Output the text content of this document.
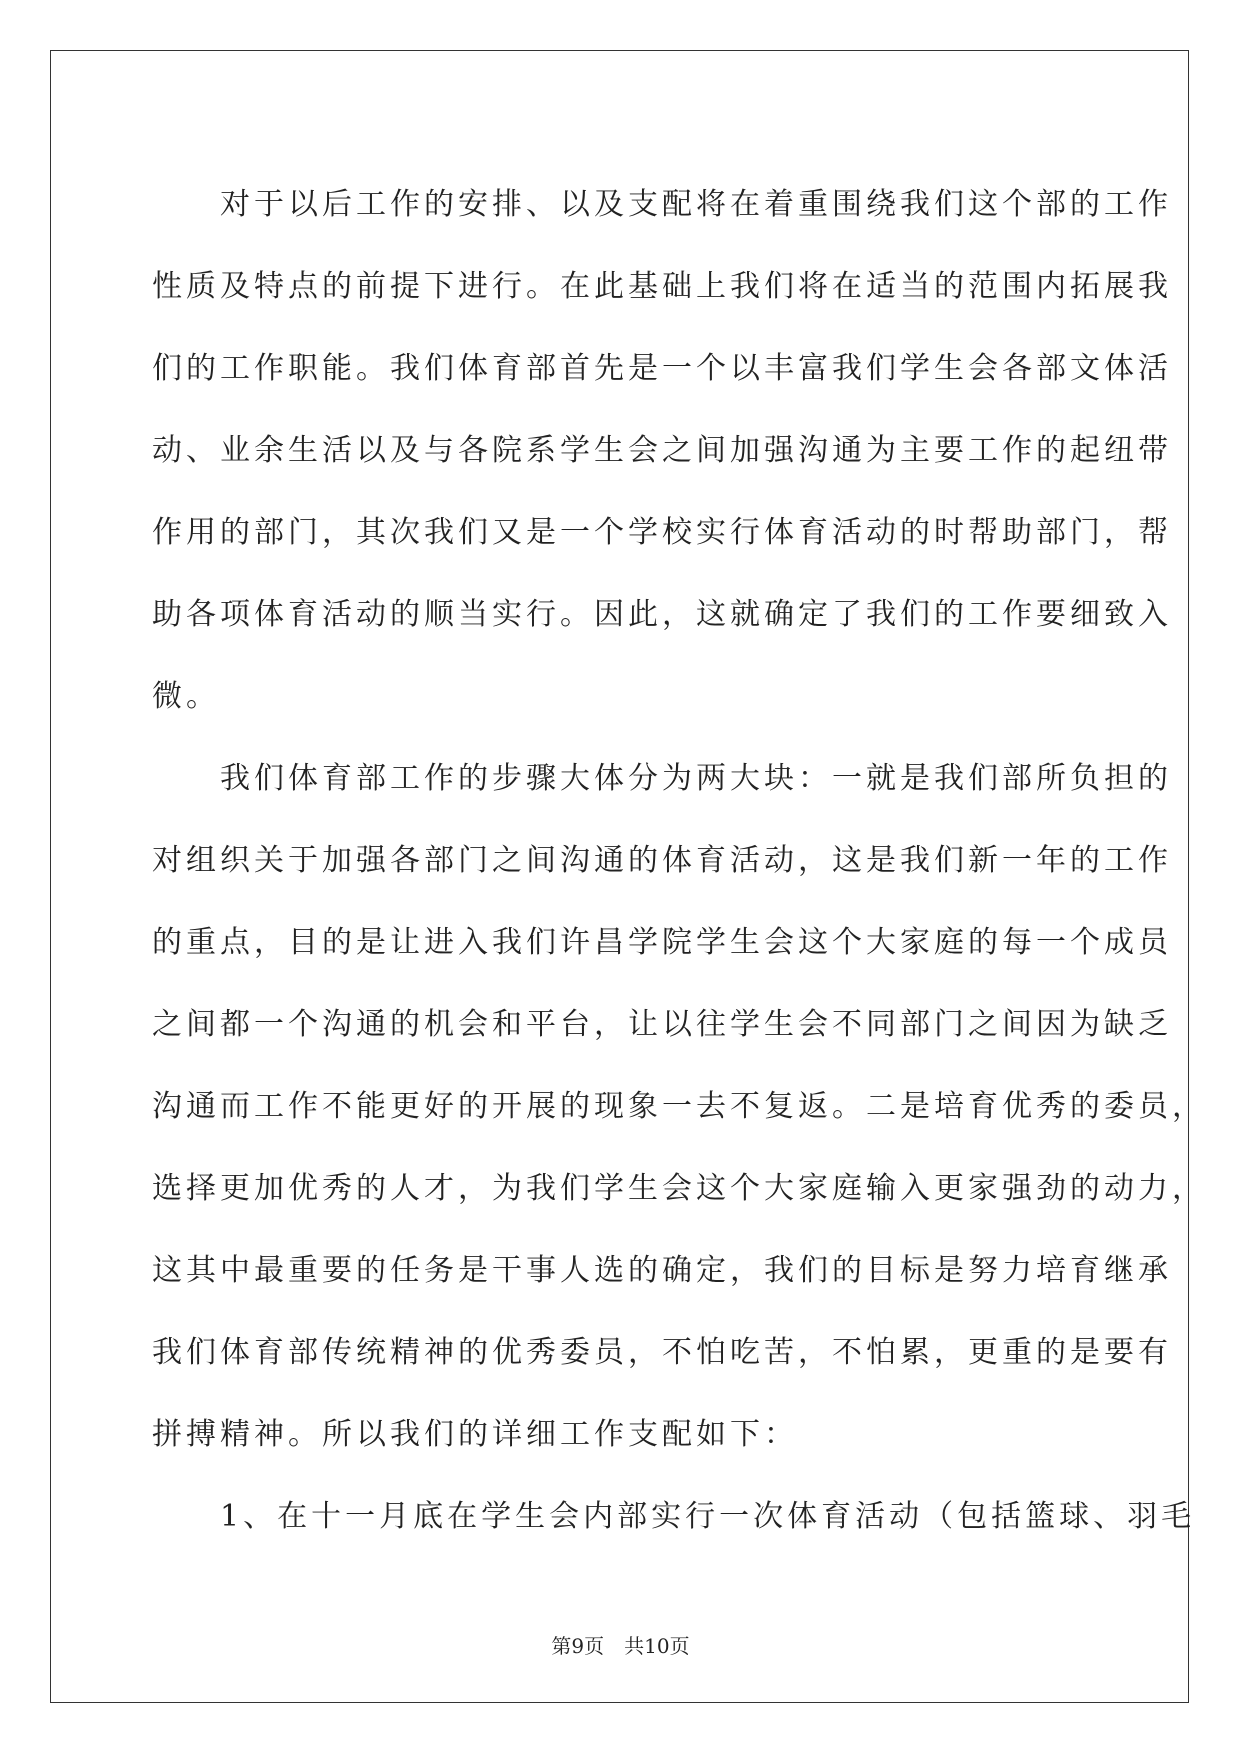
　　对于以后工作的安排、以及支配将在着重围绕我们这个部的工作
性质及特点的前提下进行。在此基础上我们将在适当的范围内拓展我
们的工作职能。我们体育部首先是一个以丰富我们学生会各部文体活
动、业余生活以及与各院系学生会之间加强沟通为主要工作的起纽带
作用的部门，其次我们又是一个学校实行体育活动的时帮助部门，帮
助各项体育活动的顺当实行。因此，这就确定了我们的工作要细致入
微。

　　我们体育部工作的步骤大体分为两大块：一就是我们部所负担的
对组织关于加强各部门之间沟通的体育活动，这是我们新一年的工作
的重点，目的是让进入我们许昌学院学生会这个大家庭的每一个成员
之间都一个沟通的机会和平台，让以往学生会不同部门之间因为缺乏
沟通而工作不能更好的开展的现象一去不复返。二是培育优秀的委员，
选择更加优秀的人才，为我们学生会这个大家庭输入更家强劲的动力，
这其中最重要的任务是干事人选的确定，我们的目标是努力培育继承
我们体育部传统精神的优秀委员，不怕吃苦，不怕累，更重的是要有
拼搏精神。所以我们的详细工作支配如下：

　　1、在十一月底在学生会内部实行一次体育活动（包括篮球、羽毛

第9页　共10页
